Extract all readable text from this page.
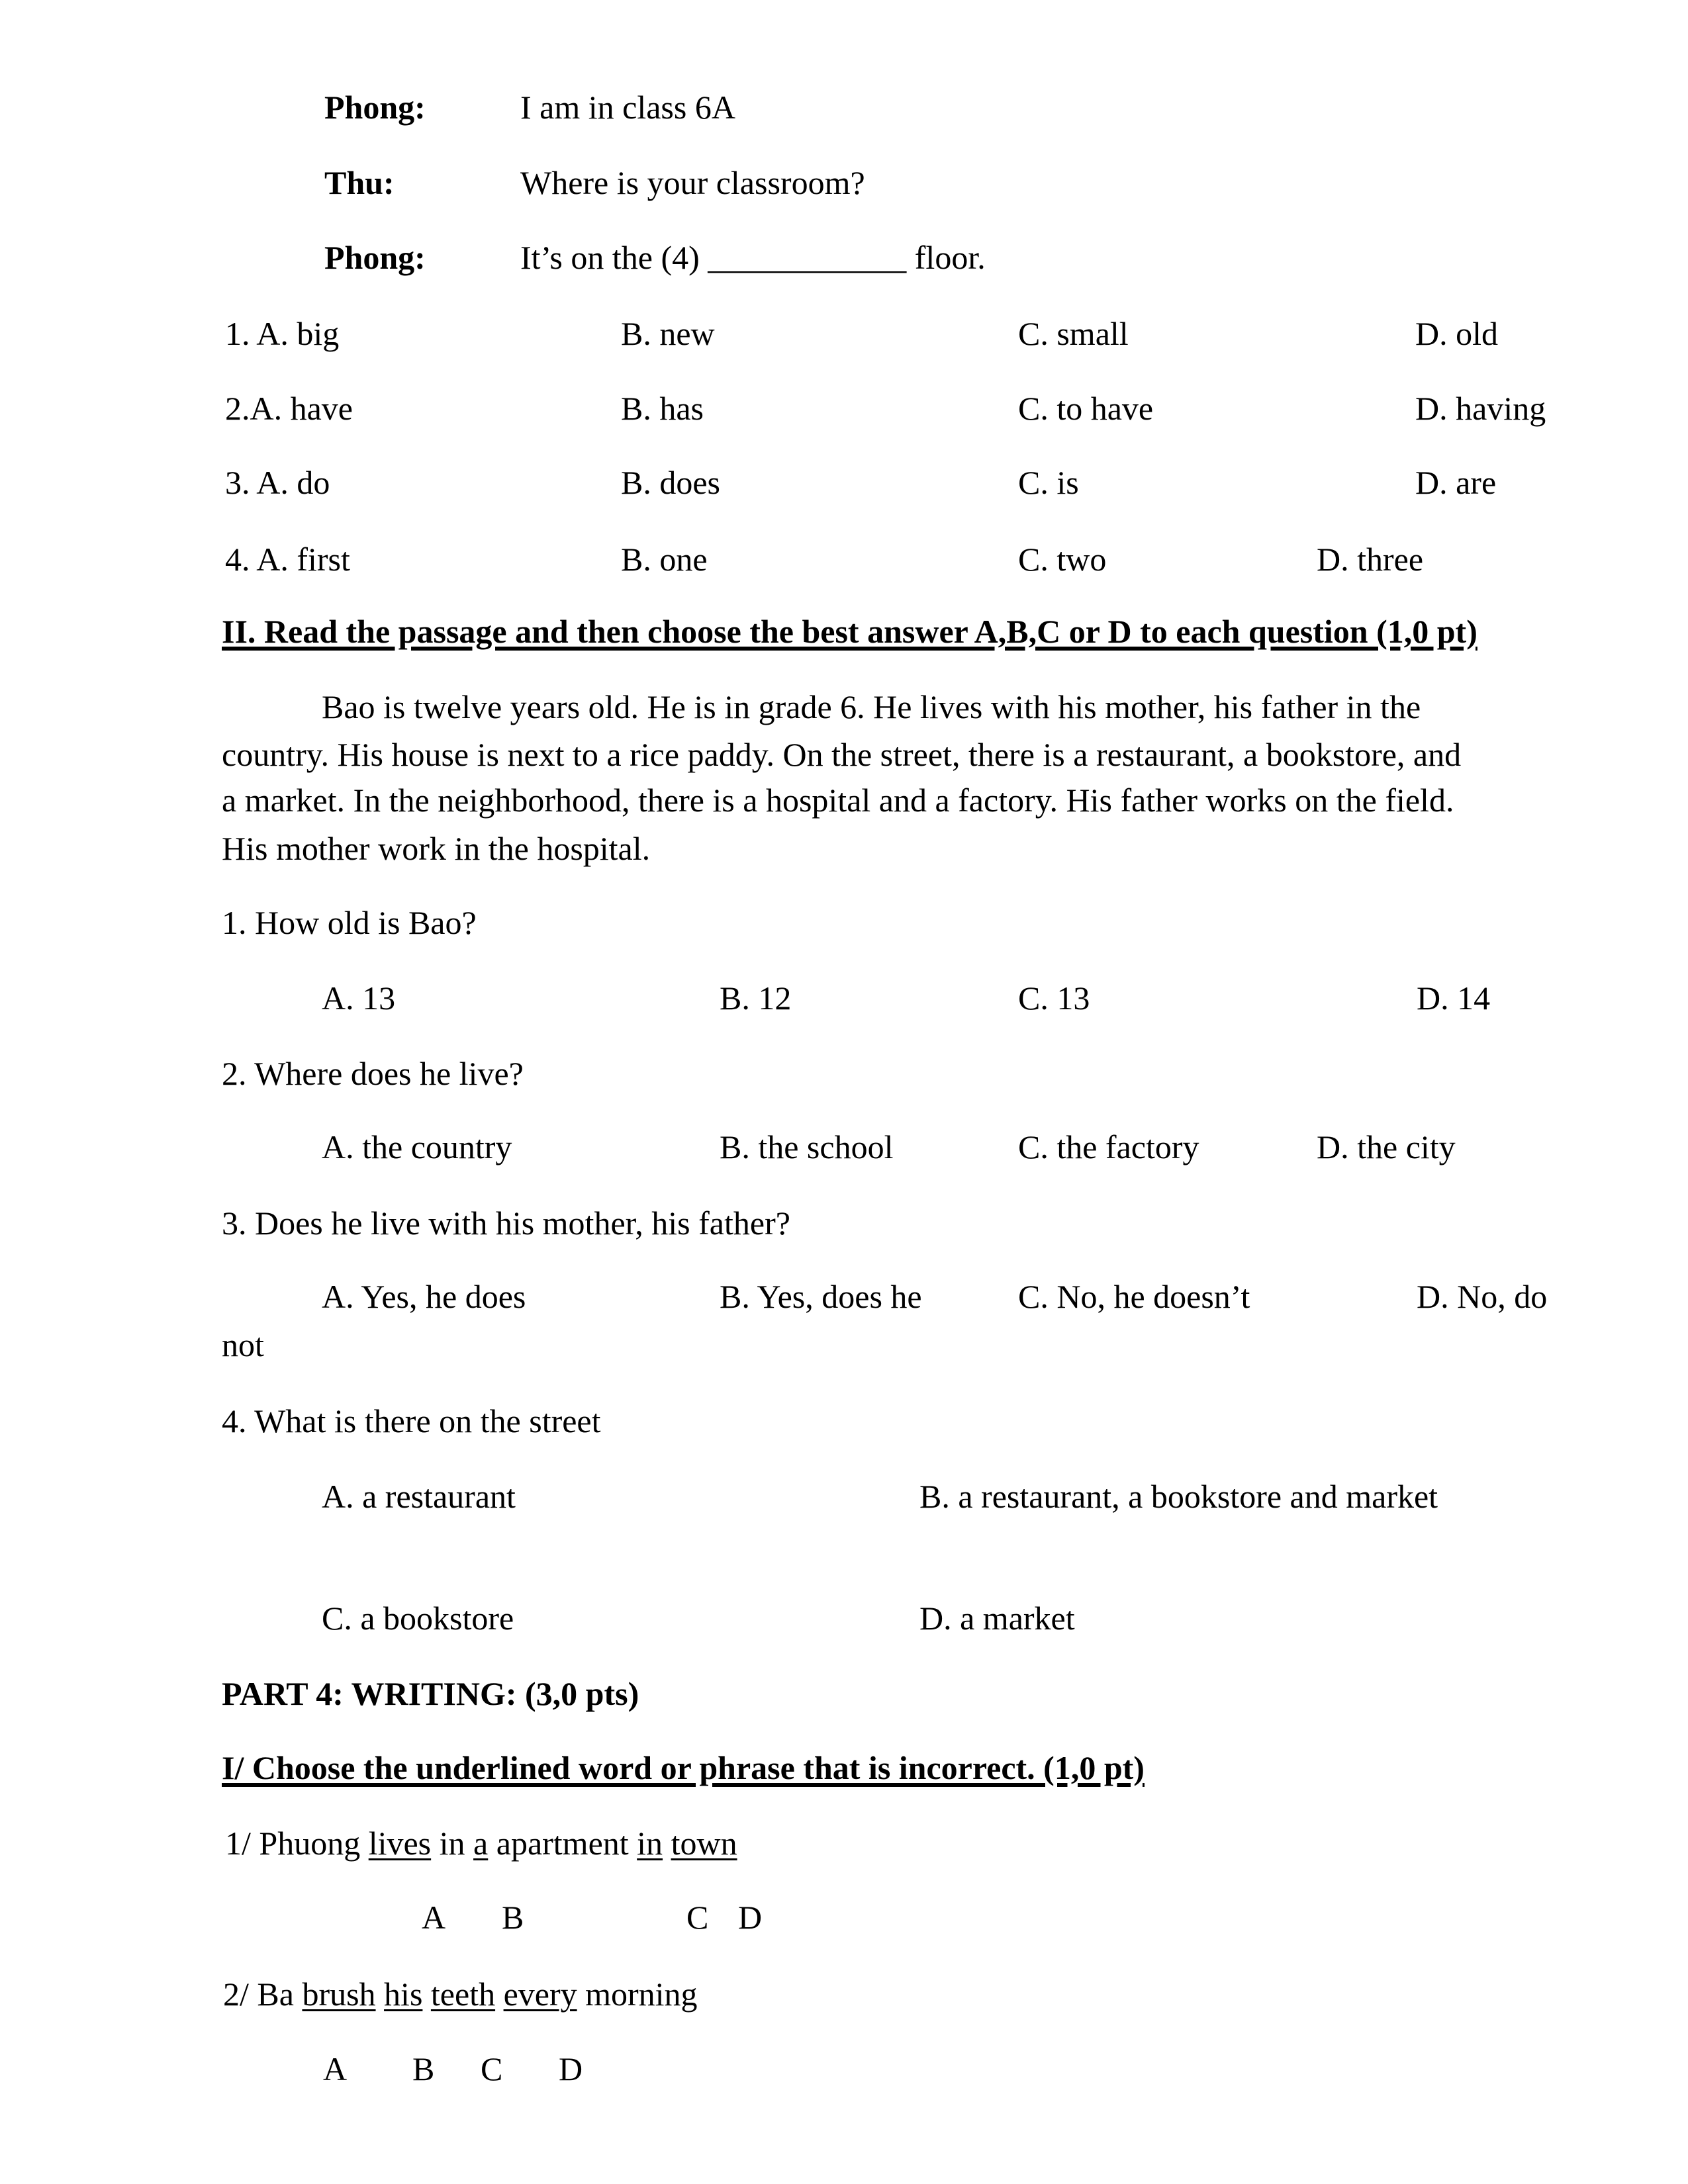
Phong:	I am in class 6A
Thu:	Where is your classroom?
Phong:	It’s on the (4) ____________ floor.
1. A. big	B. new	C. small	D. old
2.A. have	B. has	C. to have	D. having
3. A. do	B. does	C. is	D. are
4. A. first	B. one	C. two	D. three
II. Read the passage and then choose the best answer A,B,C or D to each question (1,0 pt)
Bao is twelve years old. He is in grade 6. He lives with his mother, his father in the
country. His house is next to a rice paddy. On the street, there is a restaurant, a bookstore, and
a market. In the neighborhood, there is a hospital and a factory. His father works on the field.
His mother work in the hospital.
1. How old is Bao?
A. 13	B. 12	C. 13	D. 14
2. Where does he live?
A. the country	B. the school	C. the factory	D. the city
3. Does he live with his mother, his father?
A. Yes, he does	B. Yes, does he	C. No, he doesn’t	D. No, do
not
4. What is there on the street
A. a restaurant	B. a restaurant, a bookstore and market
C. a bookstore	D. a market
PART 4: WRITING: (3,0 pts)
I/ Choose the underlined word or phrase that is incorrect. (1,0 pt)
1/ Phuong lives in a apartment in town
A B	C D
2/ Ba brush his teeth every morning
A B C D
